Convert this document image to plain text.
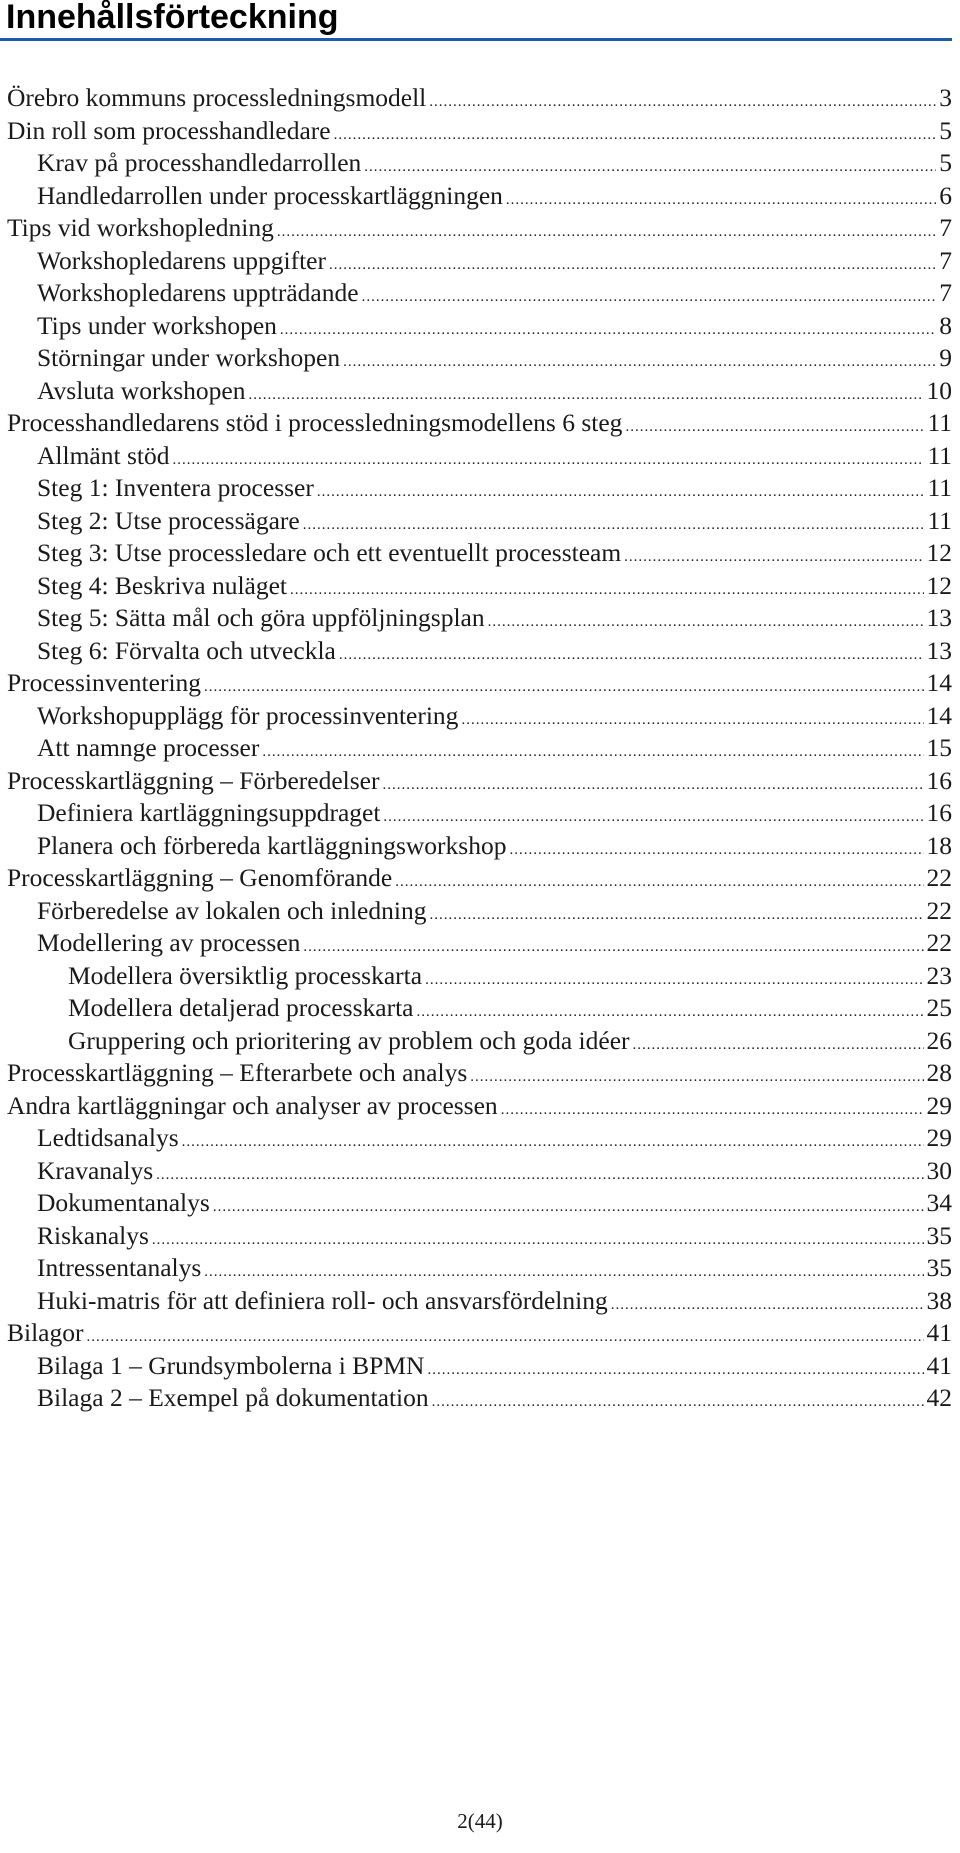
Innehållsförteckning
Örebro kommuns processledningsmodell .....	3
Din roll som processhandledare .....	5
Krav på processhandledarrollen .....	5
Handledarrollen under processkartläggningen .....	6
Tips vid workshopledning .....	7
Workshopledarens uppgifter .....	7
Workshopledarens uppträdande .....	7
Tips under workshopen .....	8
Störningar under workshopen .....	9
Avsluta workshopen .....	10
Processhandledarens stöd i processledningsmodellens 6 steg .....	11
Allmänt stöd .....	11
Steg 1: Inventera processer .....	11
Steg 2: Utse processägare .....	11
Steg 3: Utse processledare och ett eventuellt processteam .....	12
Steg 4: Beskriva nuläget .....	12
Steg 5: Sätta mål och göra uppföljningsplan .....	13
Steg 6: Förvalta och utveckla .....	13
Processinventering .....	14
Workshopupplägg för processinventering .....	14
Att namnge processer .....	15
Processkartläggning – Förberedelser .....	16
Definiera kartläggningsuppdraget .....	16
Planera och förbereda kartläggningsworkshop .....	18
Processkartläggning – Genomförande .....	22
Förberedelse av lokalen och inledning .....	22
Modellering av processen .....	22
Modellera översiktlig processkarta .....	23
Modellera detaljerad processkarta .....	25
Gruppering och prioritering av problem och goda idéer .....	26
Processkartläggning – Efterarbete och analys .....	28
Andra kartläggningar och analyser av processen .....	29
Ledtidsanalys .....	29
Kravanalys .....	30
Dokumentanalys .....	34
Riskanalys .....	35
Intressentanalys .....	35
Huki-matris för att definiera roll- och ansvarsfördelning .....	38
Bilagor .....	41
Bilaga 1 – Grundsymbolerna i BPMN .....	41
Bilaga 2 – Exempel på dokumentation .....	42
2(44)
